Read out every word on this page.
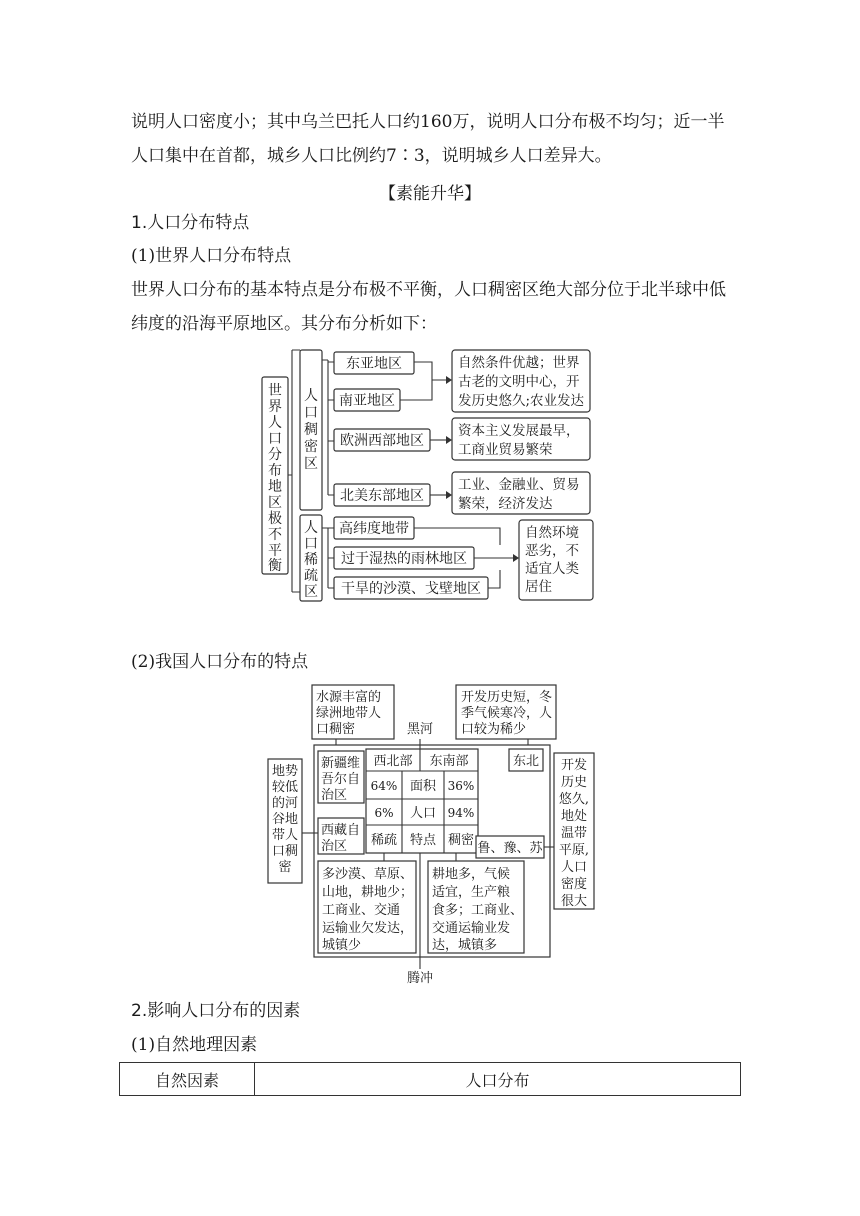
说明人口密度小；其中乌兰巴托人口约160万，说明人口分布极不均匀；近一半
人口集中在首都，城乡人口比例约7∶3，说明城乡人口差异大。
【素能升华】
1.人口分布特点
(1)世界人口分布特点
世界人口分布的基本特点是分布极不平衡，人口稠密区绝大部分位于北半球中低
纬度的沿海平原地区。其分布分析如下：
世
界
人
口
分
布
地
区
极
不
平
衡
人
口
稠
密
区
人
口
稀
疏
区
东亚地区
南亚地区
欧洲西部地区
北美东部地区
高纬度地带
过于湿热的雨林地区
干旱的沙漠、戈壁地区
自然条件优越；世界
古老的文明中心，开
发历史悠久;农业发达
资本主义发展最早，
工商业贸易繁荣
工业、金融业、贸易
繁荣，经济发达
自然环境
恶劣，不
适宜人类
居住
(2)我国人口分布的特点
水源丰富的
绿洲地带人
口稠密
开发历史短，冬
季气候寒冷，人
口较为稀少
黑河
新疆维
吾尔自
治区
西藏自
治区
西北部 东南部
64% 面积 36%
6% 人口 94%
稀疏 特点 稠密
东北
鲁、豫、苏
地势
较低
的河
谷地
带人
口稠
密
开发
历史
悠久,
地处
温带
平原,
人口
密度
很大
多沙漠、草原、
山地，耕地少；
工商业、交通
运输业欠发达，
城镇少
耕地多，气候
适宜，生产粮
食多；工商业、
交通运输业发
达，城镇多
腾冲
2.影响人口分布的因素
(1)自然地理因素
自然因素	人口分布
